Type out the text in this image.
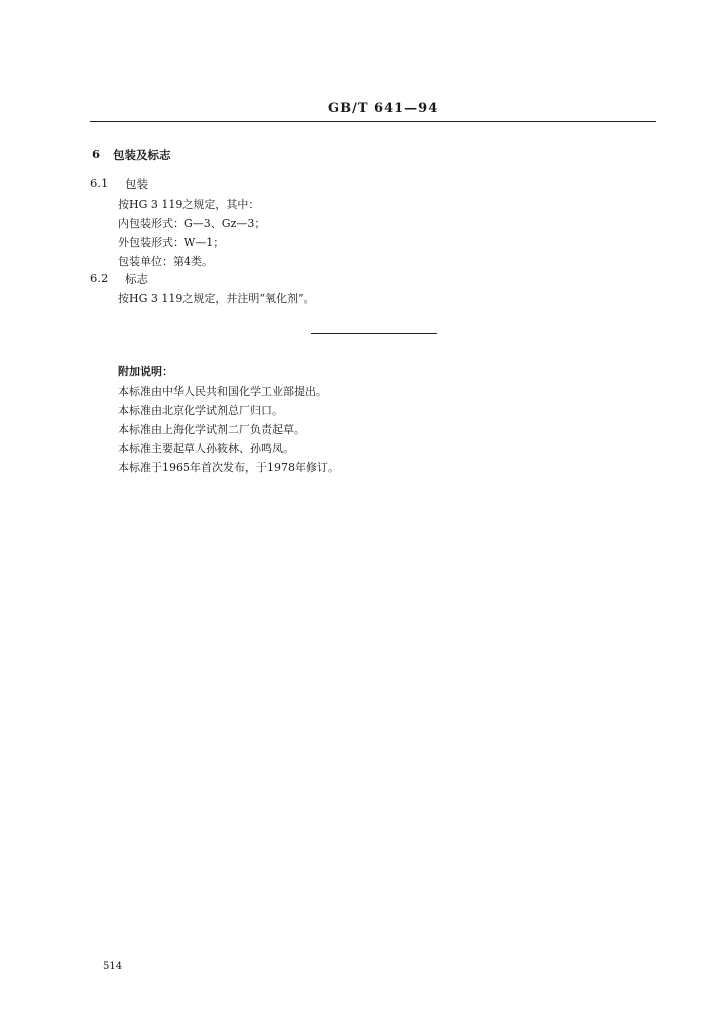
GB/T 641—94
6 包装及标志
6.1 包装
按HG 3 119之规定，其中：
内包装形式：G—3、Gz—3；
外包装形式：W—1；
包装单位：第4类。
6.2 标志
按HG 3 119之规定，并注明“氧化剂”。
附加说明：
本标准由中华人民共和国化学工业部提出。
本标准由北京化学试剂总厂归口。
本标准由上海化学试剂二厂负责起草。
本标准主要起草人孙筱林、孙鸣凤。
本标准于1965年首次发布，于1978年修订。
514
